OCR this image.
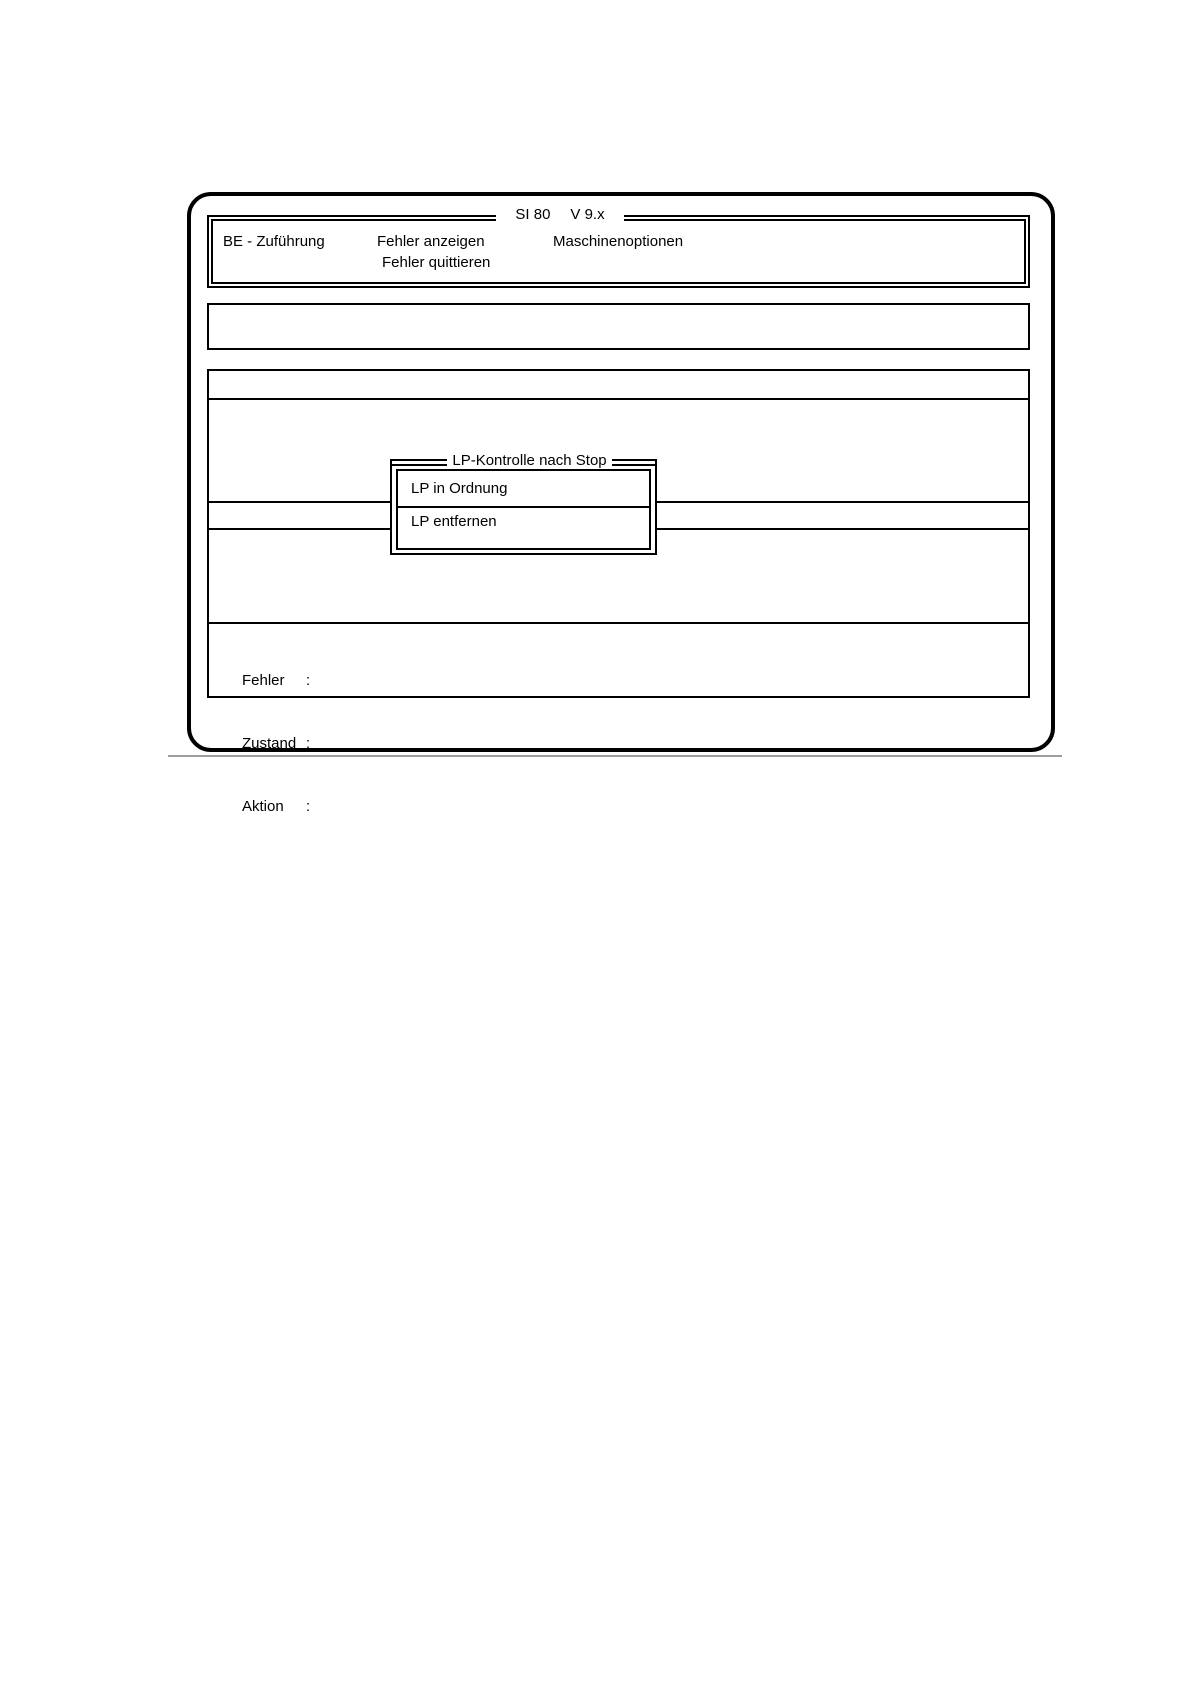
SI 80 V 9.x
BE - Zuführung	Fehler anzeigen
Fehler quittieren
Maschinenoptionen

Fehler	:

Zustand :

Aktion	:

LP-Kontrolle nach Stop
LP in Ordnung
LP entfernen
